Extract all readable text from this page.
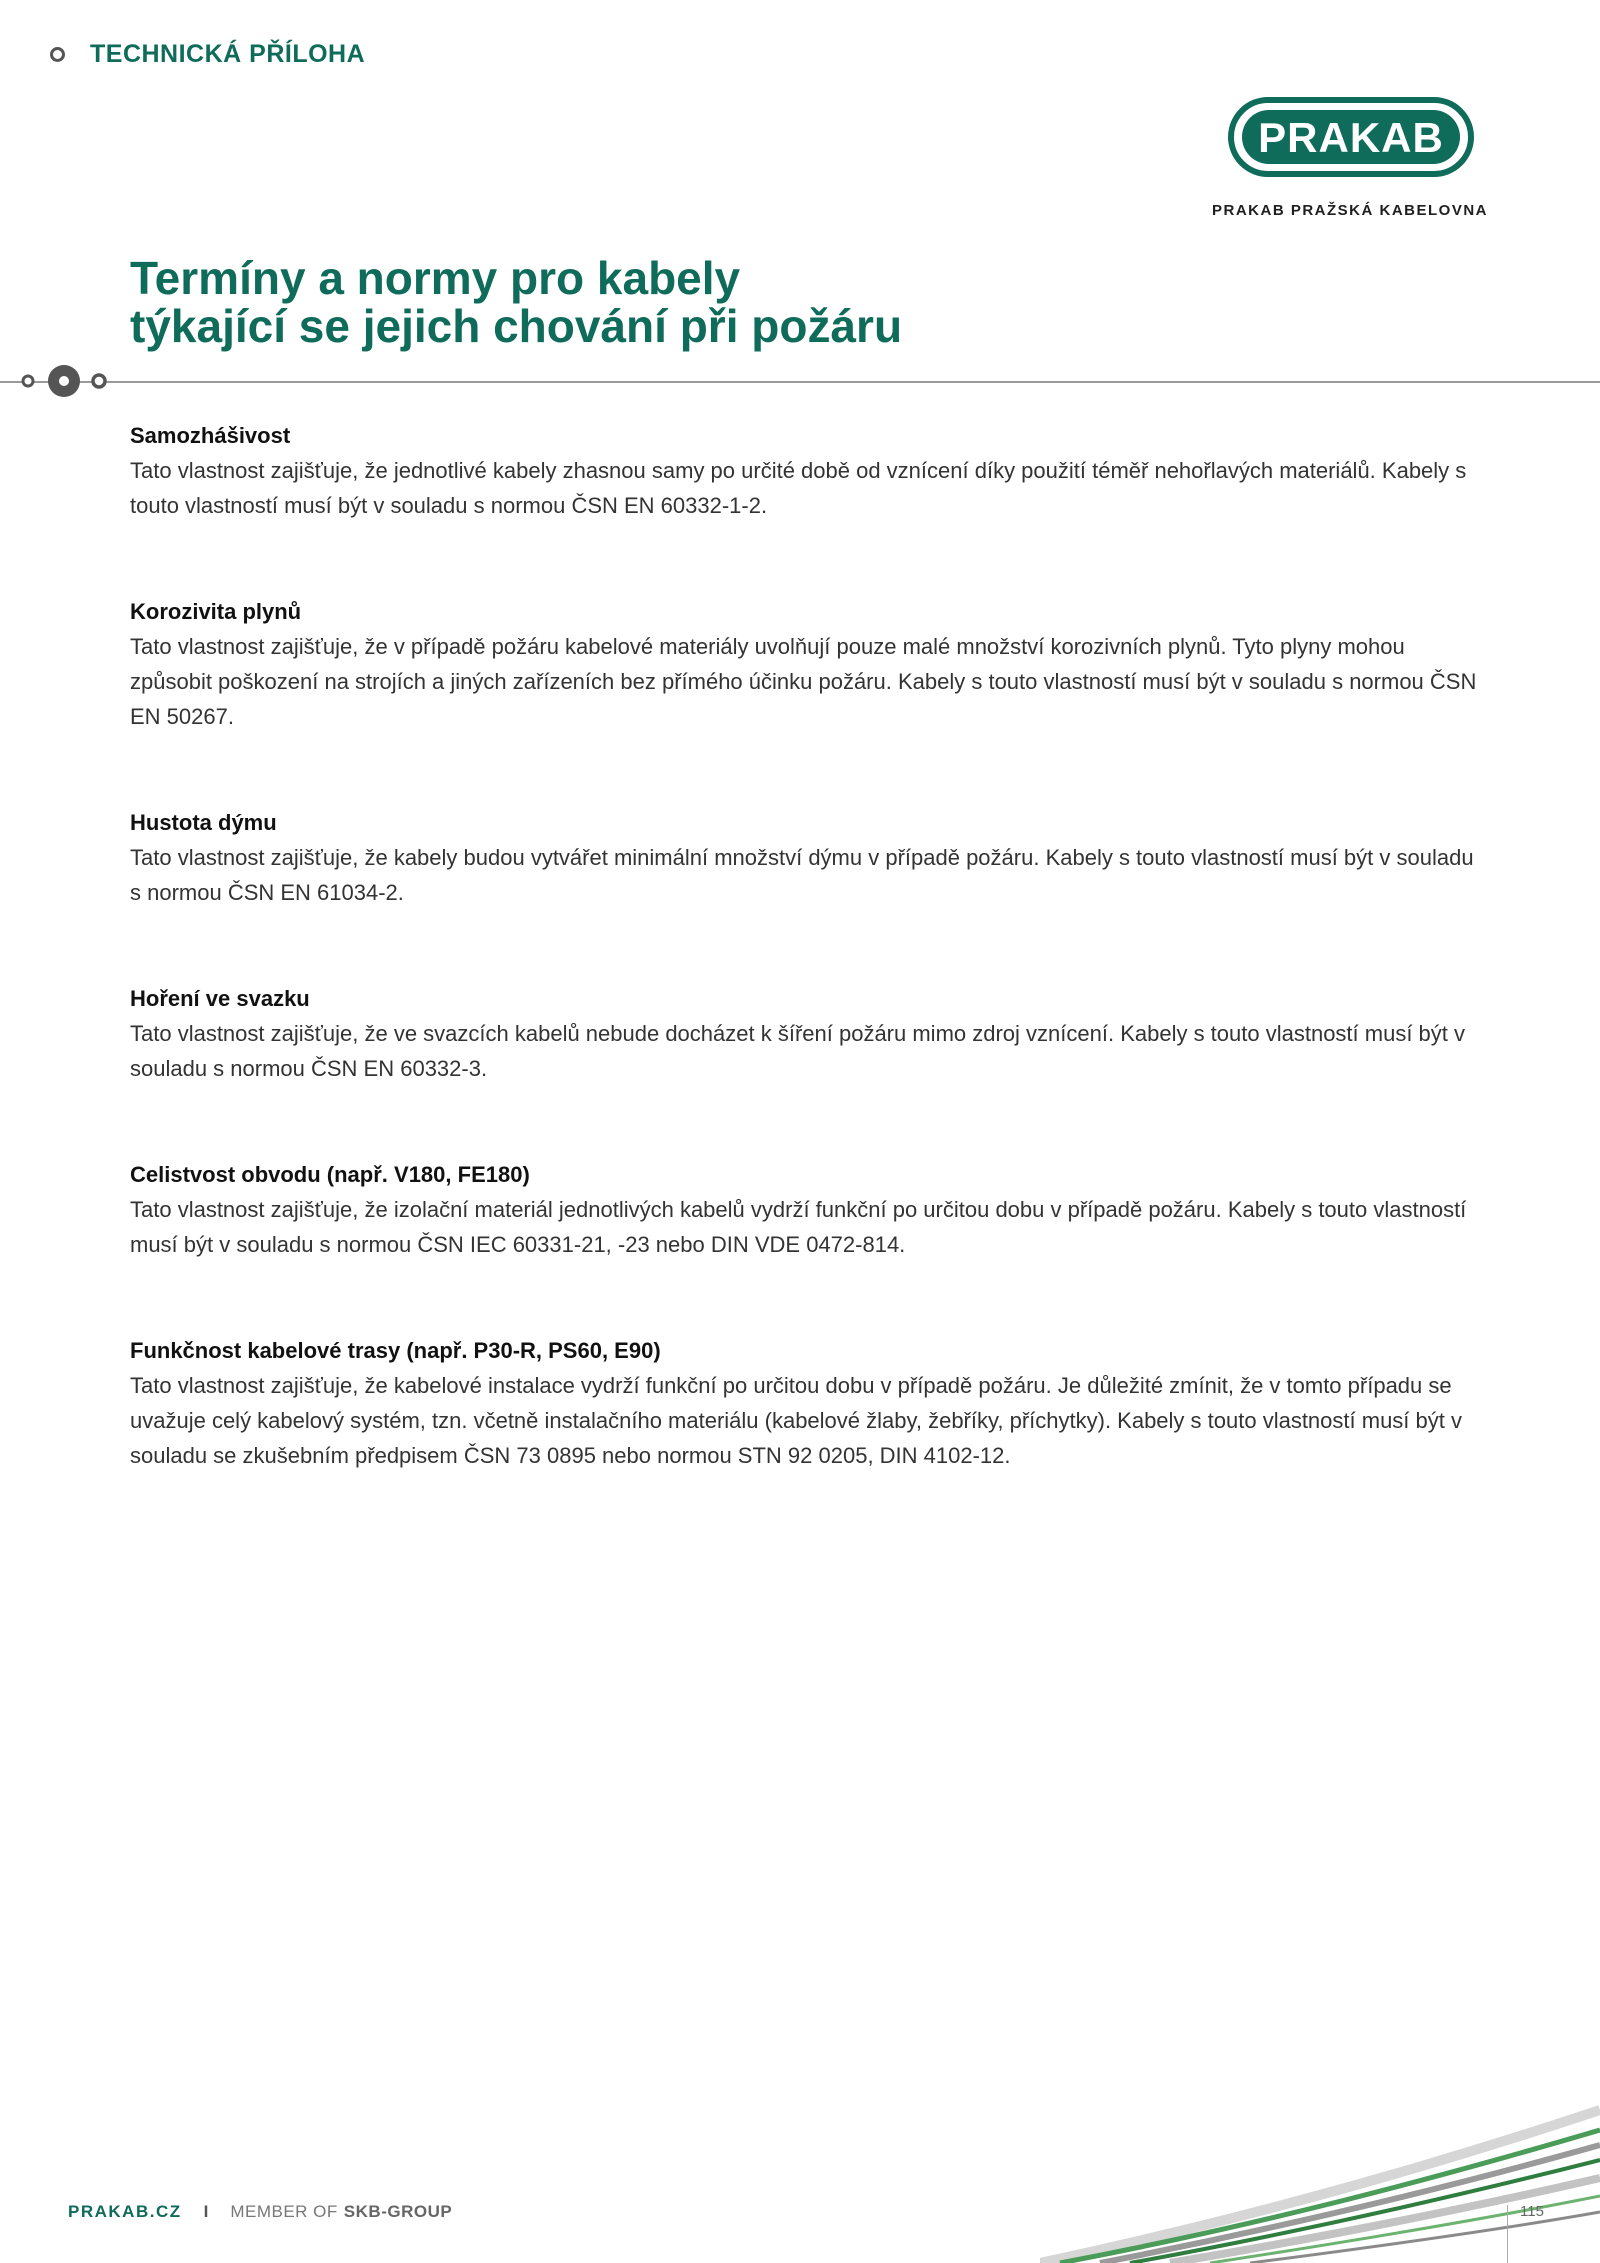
TECHNICKÁ PŘÍLOHA
PRAKAB
PRAKAB PRAŽSKÁ KABELOVNA
Termíny a normy pro kabely
týkající se jejich chování při požáru
Samozhášivost

Tato vlastnost zajišťuje, že jednotlivé kabely zhasnou samy po určité době od vznícení díky použití téměř nehořlavých materiálů. Kabely s touto vlastností musí být v souladu s normou ČSN EN 60332-1-2.

Korozivita plynů

Tato vlastnost zajišťuje, že v případě požáru kabelové materiály uvolňují pouze malé množství korozivních plynů. Tyto plyny mohou způsobit poškození na strojích a jiných zařízeních bez přímého účinku požáru. Kabely s touto vlastností musí být v souladu s normou ČSN EN 50267.

Hustota dýmu

Tato vlastnost zajišťuje, že kabely budou vytvářet minimální množství dýmu v případě požáru. Kabely s touto vlastností musí být v souladu s normou ČSN EN 61034-2.

Hoření ve svazku

Tato vlastnost zajišťuje, že ve svazcích kabelů nebude docházet k šíření požáru mimo zdroj vznícení. Kabely s touto vlastností musí být v souladu s normou ČSN EN 60332-3.

Celistvost obvodu (např. V180, FE180)

Tato vlastnost zajišťuje, že izolační materiál jednotlivých kabelů vydrží funkční po určitou dobu v případě požáru. Kabely s touto vlastností musí být v souladu s normou ČSN IEC 60331-21, -23 nebo DIN VDE 0472-814.

Funkčnost kabelové trasy (např. P30-R, PS60, E90)

Tato vlastnost zajišťuje, že kabelové instalace vydrží funkční po určitou dobu v případě požáru. Je důležité zmínit, že v tomto případu se uvažuje celý kabelový systém, tzn. včetně instalačního materiálu (kabelové žlaby, žebříky, příchytky). Kabely s touto vlastností musí být v souladu se zkušebním předpisem ČSN 73 0895 nebo normou STN 92 0205, DIN 4102-12.

PRAKAB.CZ I MEMBER OF SKB-GROUP	115
